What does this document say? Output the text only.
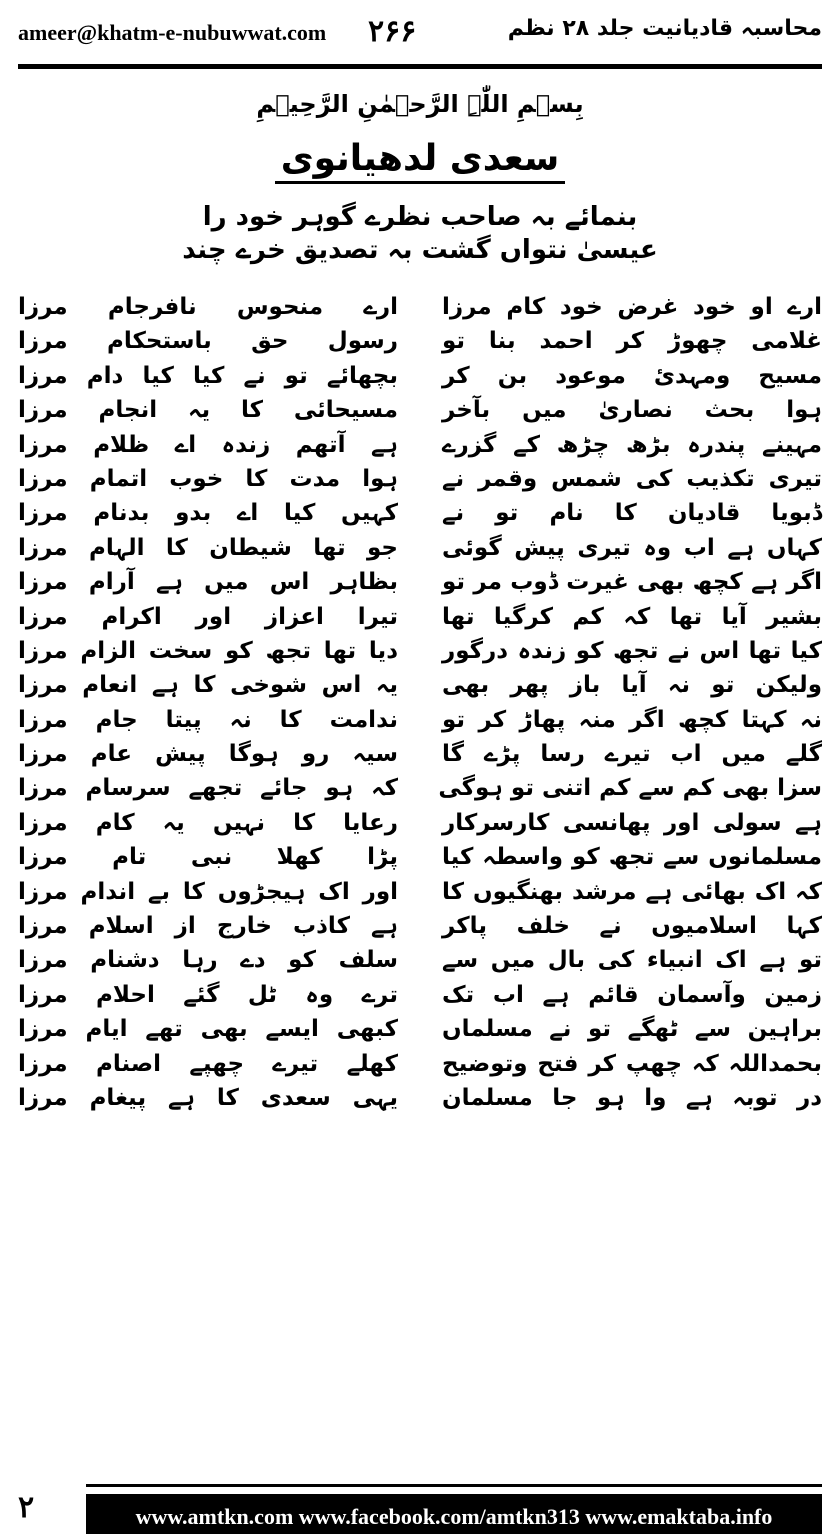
ameer@khatm-e-nubuwwat.com ۲۶۶	محاسبہ قادیانیت جلد ۲۸ نظم
بِسۡمِ اللّٰہِ الرَّحۡمٰنِ الرَّحِیۡمِ
سعدی لدھیانوی
بنمائے بہ صاحب نظرے گوہر خود را
عیسیٰ نتواں گشت بہ تصدیق خرے چند
ارے او خود غرض خود کام مرزا
ارے منحوس نافرجام مرزا
غلامی چھوڑ کر احمد بنا تو
رسول حق باستحکام مرزا
مسیح ومہدیٔ موعود بن کر
بچھائے تو نے کیا کیا دام مرزا
ہوا بحث نصاریٰ میں بآخر
مسیحائی کا یہ انجام مرزا
مہینے پندرہ بڑھ چڑھ کے گزرے
ہے آتھم زندہ اے ظلام مرزا
تیری تکذیب کی شمس وقمر نے
ہوا مدت کا خوب اتمام مرزا
ڈبویا قادیان کا نام تو نے
کہیں کیا اے بدو بدنام مرزا
کہاں ہے اب وہ تیری پیش گوئی
جو تھا شیطان کا الہام مرزا
اگر ہے کچھ بھی غیرت ڈوب مر تو
بظاہر اس میں ہے آرام مرزا
بشیر آیا تھا کہ کم کرگیا تھا
تیرا اعزاز اور اکرام مرزا
کیا تھا اس نے تجھ کو زندہ درگور
دیا تھا تجھ کو سخت الزام مرزا
ولیکن تو نہ آیا باز پھر بھی
یہ اس شوخی کا ہے انعام مرزا
نہ کہتا کچھ اگر منہ پھاڑ کر تو
ندامت کا نہ پیتا جام مرزا
گلے میں اب تیرے رسا پڑے گا
سیہ رو ہوگا پیش عام مرزا
سزا بھی کم سے کم اتنی تو ہوگی
کہ ہو جائے تجھے سرسام مرزا
ہے سولی اور پھانسی کارسرکار
رعایا کا نہیں یہ کام مرزا
مسلمانوں سے تجھ کو واسطہ کیا
پڑا کھلا نبی تام مرزا
کہ اک بھائی ہے مرشد بھنگیوں کا
اور اک ہیجڑوں کا بے اندام مرزا
کہا اسلامیوں نے خلف پاکر
ہے کاذب خارج از اسلام مرزا
تو ہے اک انبیاء کی بال میں سے
سلف کو دے رہا دشنام مرزا
زمین وآسمان قائم ہے اب تک
ترے وہ ٹل گئے احلام مرزا
براہین سے ٹھگے تو نے مسلماں
کبھی ایسے بھی تھے ایام مرزا
بحمداللہ کہ چھپ کر فتح وتوضیح
کھلے تیرے چھپے اصنام مرزا
در توبہ ہے وا ہو جا مسلمان
یہی سعدی کا ہے پیغام مرزا
۲	www.amtkn.com www.facebook.com/amtkn313 www.emaktaba.info
